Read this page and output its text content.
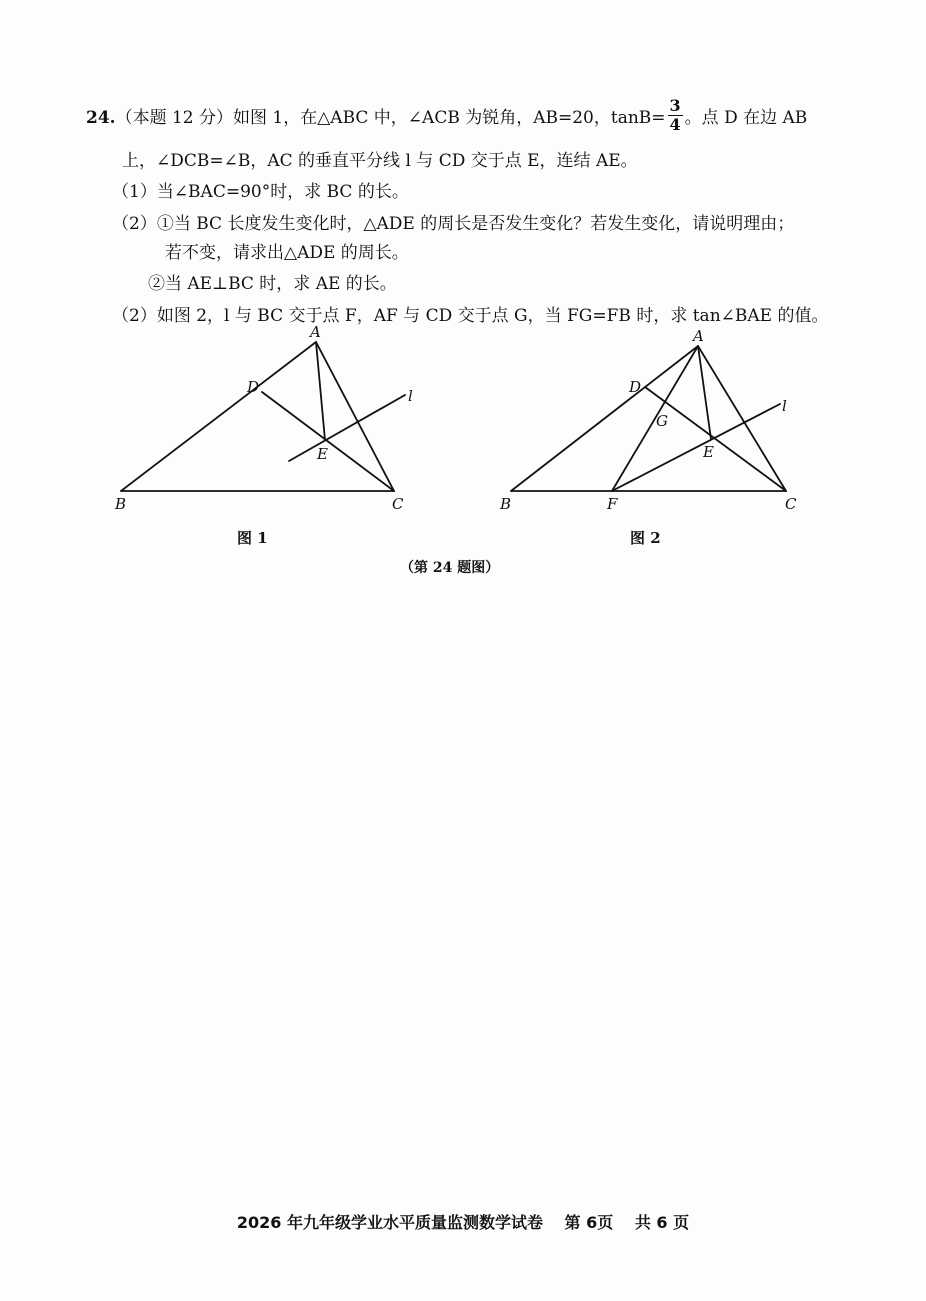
24.（本题 12 分）如图 1，在△ABC 中，∠ACB 为锐角，AB=20，$\tan B= \frac{3}{4}$ 。点 D 在边 AB
上，∠DCB=∠B，AC 的垂直平分线 l 与 CD 交于点 E，连结 AE。
（1）当∠BAC=90°时，求 BC 的长。
（2）①当 BC 长度发生变化时，△ADE 的周长是否发生变化？若发生变化，请说明理由；
若不变，请求出△ADE 的周长。
②当 AE⊥BC 时，求 AE 的长。
（2）如图 2，l 与 BC 交于点 F，AF 与 CD 交于点 G，当 FG=FB 时，求 tan∠BAE 的值。
A
B	C
D
E
l
图 1
A
B	C
D
E
F
G
l
图 2
（第 24 题图）
2026 年九年级学业水平质量监测数学试卷 第 6页 共 6 页
